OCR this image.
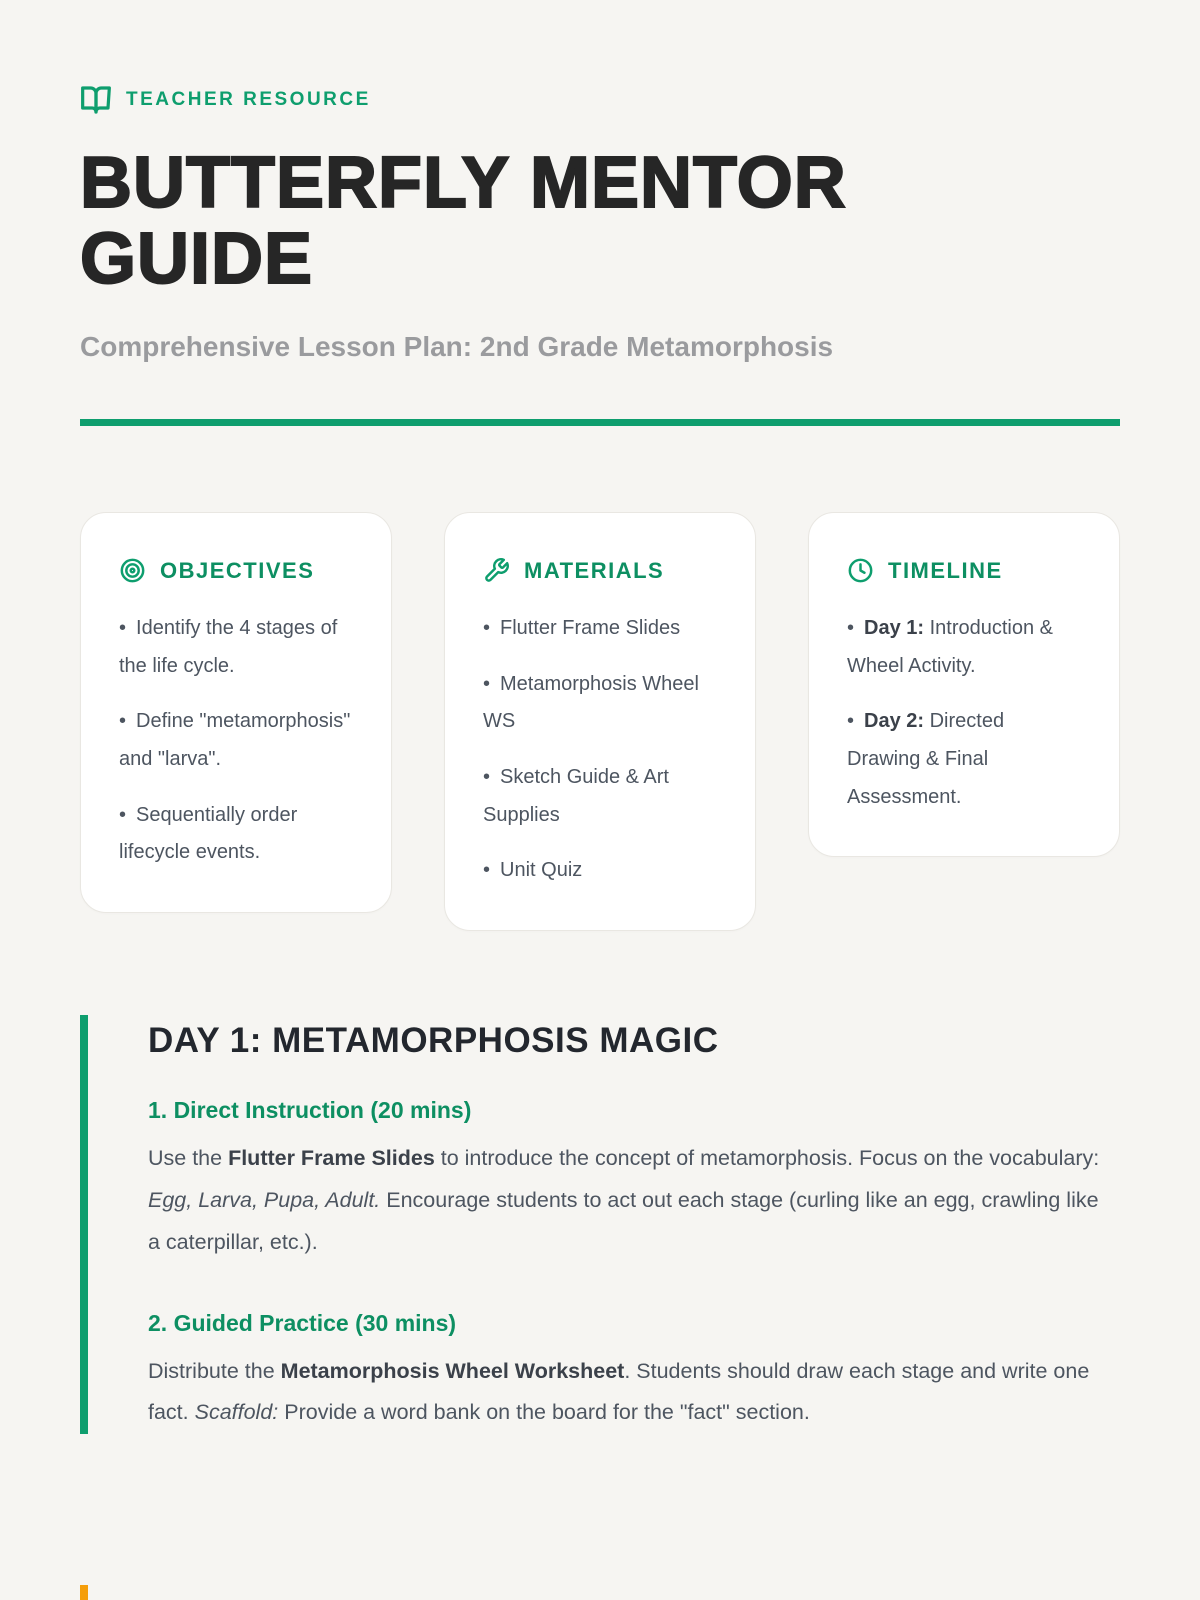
TEACHER RESOURCE
BUTTERFLY MENTOR GUIDE

Comprehensive Lesson Plan: 2nd Grade Metamorphosis

OBJECTIVES
• Identify the 4 stages of the life cycle.
• Define "metamorphosis" and "larva".
• Sequentially order lifecycle events.
MATERIALS
• Flutter Frame Slides
• Metamorphosis Wheel WS
• Sketch Guide & Art Supplies
• Unit Quiz
TIMELINE
• Day 1: Introduction & Wheel Activity.
• Day 2: Directed Drawing & Final Assessment.
DAY 1: METAMORPHOSIS MAGIC
1. Direct Instruction (20 mins)

Use the Flutter Frame Slides to introduce the concept of metamorphosis. Focus on the vocabulary: Egg, Larva, Pupa, Adult. Encourage students to act out each stage (curling like an egg, crawling like a caterpillar, etc.).

2. Guided Practice (30 mins)

Distribute the Metamorphosis Wheel Worksheet. Students should draw each stage and write one fact. Scaffold: Provide a word bank on the board for the "fact" section.
